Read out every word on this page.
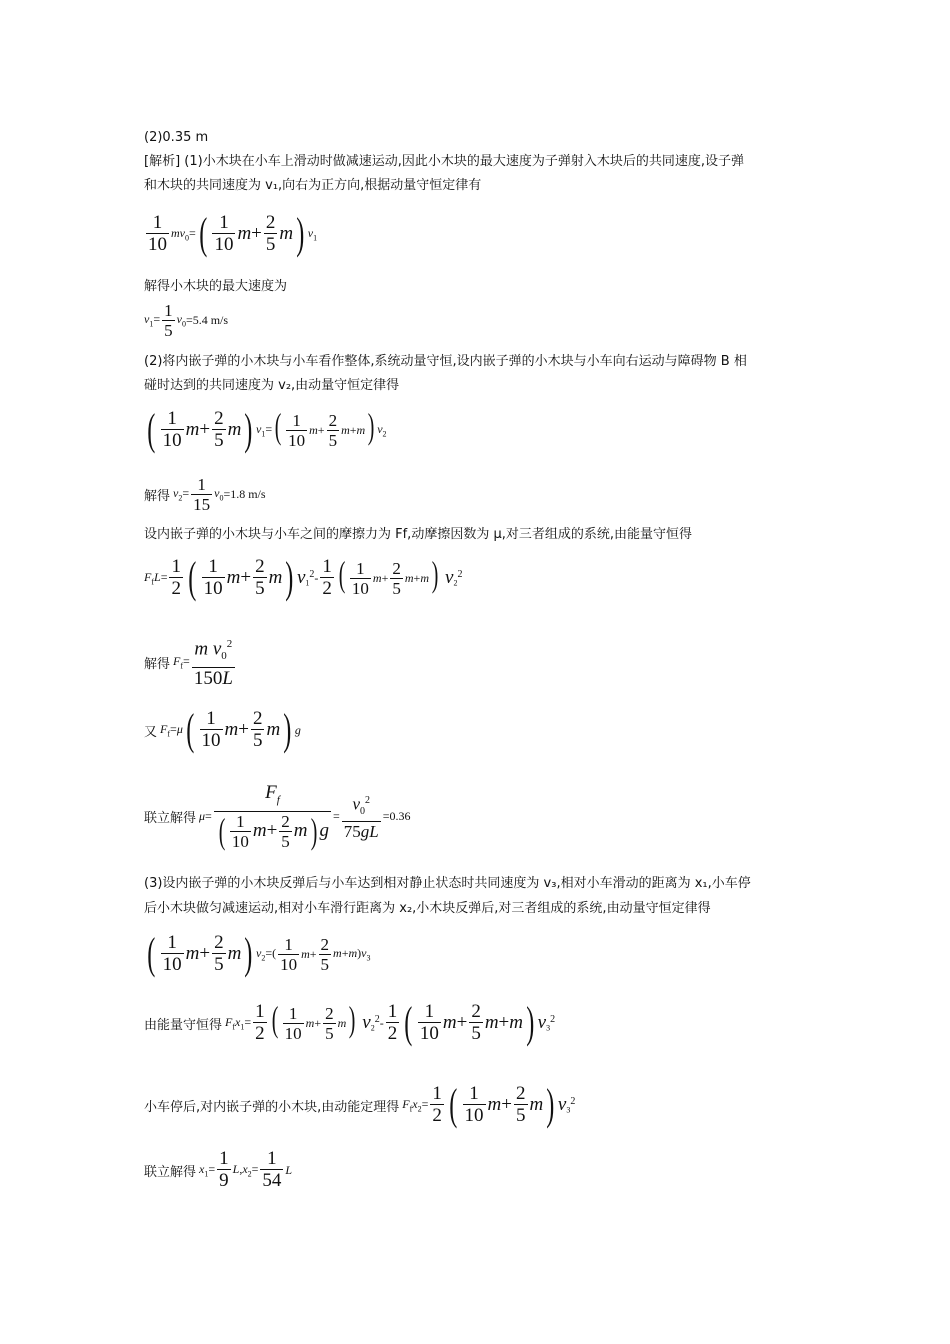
(2)0.35 m
[解析] (1)小木块在小车上滑动时做减速运动,因此小木块的最大速度为子弹射入木块后的共同速度,设子弹
和木块的共同速度为 v₁,向右为正方向,根据动量守恒定律有
$\frac{1}{10} mv_0=$ ( $\frac{1}{10}$ $m + \frac{2}{5}$ m ) $v_1$
解得小木块的最大速度为
$v_1= \frac{1}{5} v_0 =5.4$ m/s
(2)将内嵌子弹的小木块与小车看作整体,系统动量守恒,设内嵌子弹的小木块与小车向右运动与障碍物 B 相
碰时达到的共同速度为 v₂,由动量守恒定律得
( $\frac{1}{10}$ $m + \frac{2}{5}$ m ) $v_1=$ ( $\frac{1}{10} m+ \frac{2}{5} m+m$ ) $v_2$
解得 $v_2= \frac{1}{15} v_0 =1.8$ m/s
设内嵌子弹的小木块与小车之间的摩擦力为 Ff,动摩擦因数为 μ,对三者组成的系统,由能量守恒得
$F_fL= \frac{1}{2}$ ( $\frac{1}{10}$ $m + \frac{2}{5}$ m ) v $_1^2- \frac{1}{2}$ ( $\frac{1}{10} m+ \frac{2}{5} m+m$ ) v $_2^2$
解得 $F_f= \frac{m v_0^2}{150L}$
又 $F_f=\mu$ ( $\frac{1}{10}$ $m + \frac{2}{5}$ m ) g
联立解得 μ=
$F_f$
( $\frac{1}{10}$ $m + \frac{2}{5}$ m ) g
= $\frac{v_0^2}{75gL} =0.36$
(3)设内嵌子弹的小木块反弹后与小车达到相对静止状态时共同速度为 v₃,相对小车滑动的距离为 x₁,小车停
后小木块做匀减速运动,相对小车滑行距离为 x₂,小木块反弹后,对三者组成的系统,由动量守恒定律得
( $\frac{1}{10}$ $m + \frac{2}{5}$ m ) $v_2=( \frac{1}{10} m+ \frac{2}{5} m+m)v_3$
由能量守恒得 $F_fx_1= \frac{1}{2}$ ( $\frac{1}{10} m+ \frac{2}{5}$ m ) v $_2^2- \frac{1}{2}$ ( $\frac{1}{10}$ $m + \frac{2}{5}$ m + m ) v $_3^2$
小车停后,对内嵌子弹的小木块,由动能定理得 $F_fx_2= \frac{1}{2}$ ( $\frac{1}{10}$ $m + \frac{2}{5}$ m ) v $_3^2$
联立解得 $x_1= \frac{1}{9} L,x_2= \frac{1}{54}$ L
